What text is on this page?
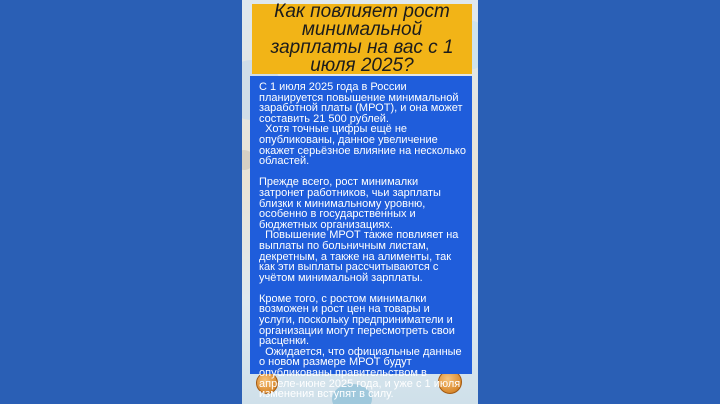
Как повлияет рост минимальной зарплаты на вас с 1 июля 2025?
С 1 июля 2025 года в России планируется повышение минимальной заработной платы (МРОТ), и она может составить 21 500 рублей.
Хотя точные цифры ещё не опубликованы, данное увеличение окажет серьёзное влияние на несколько областей.
Прежде всего, рост минималки затронет работников, чьи зарплаты близки к минимальному уровню, особенно в государственных и бюджетных организациях.
Повышение МРОТ также повлияет на выплаты по больничным листам, декретным, а также на алименты, так как эти выплаты рассчитываются с учётом минимальной зарплаты.
Кроме того, с ростом минималки возможен и рост цен на товары и услуги, поскольку предприниматели и организации могут пересмотреть свои расценки.
Ожидается, что официальные данные о новом размере МРОТ будут опубликованы правительством в апреле-июне 2025 года, и уже с 1 июля изменения вступят в силу.
